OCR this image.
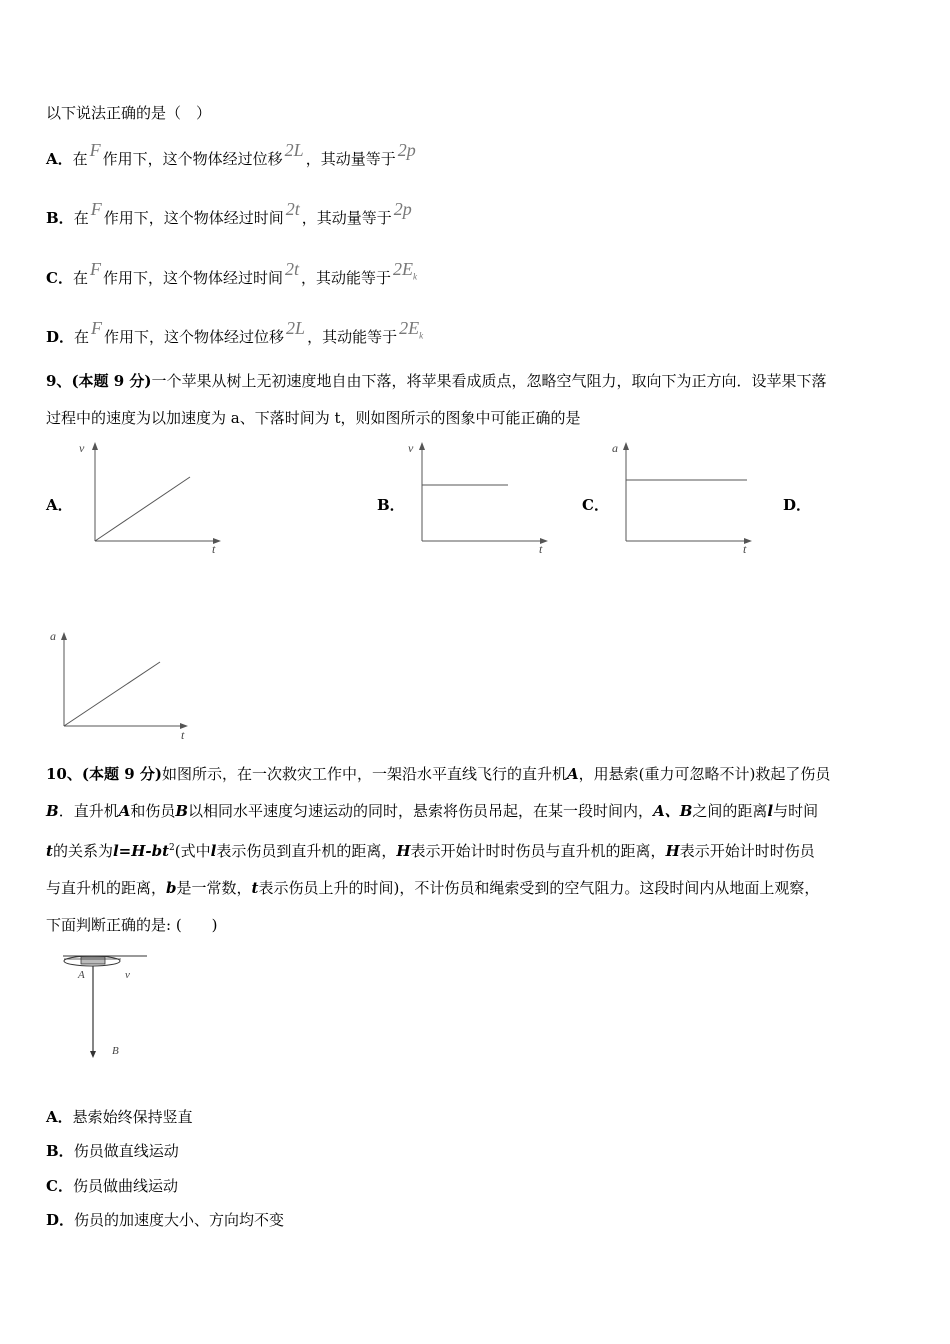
以下说法正确的是（　）
A．在 F 作用下，这个物体经过位移 2L ，其动量等于 2p
B．在 F 作用下，这个物体经过时间 2t ，其动量等于 2p
C．在 F 作用下，这个物体经过时间 2t ，其动能等于 $2E_k$
D．在 F 作用下，这个物体经过位移 2L ，其动能等于 $2E_k$
9、(本题 9 分)一个苹果从树上无初速度地自由下落，将苹果看成质点，忽略空气阻力，取向下为正方向．设苹果下落
过程中的速度为以加速度为 a、下落时间为 t，则如图所示的图象中可能正确的是
A．	B．	C．	D．
v
t
v
t
a
t
a
t
10、(本题 9 分)如图所示，在一次救灾工作中，一架沿水平直线飞行的直升机A，用悬索(重力可忽略不计)救起了伤员
B．直升机A和伤员B以相同水平速度匀速运动的同时，悬索将伤员吊起，在某一段时间内，A、B之间的距离l与时间
t的关系为$l=H-bt^2$(式中l表示伤员到直升机的距离，H表示开始计时时伤员与直升机的距离，H表示开始计时时伤员
与直升机的距离，b是一常数，t表示伤员上升的时间)，不计伤员和绳索受到的空气阻力。这段时间内从地面上观察，
下面判断正确的是: (　　)
A	v
B
A．悬索始终保持竖直
B．伤员做直线运动
C．伤员做曲线运动
D．伤员的加速度大小、方向均不变
